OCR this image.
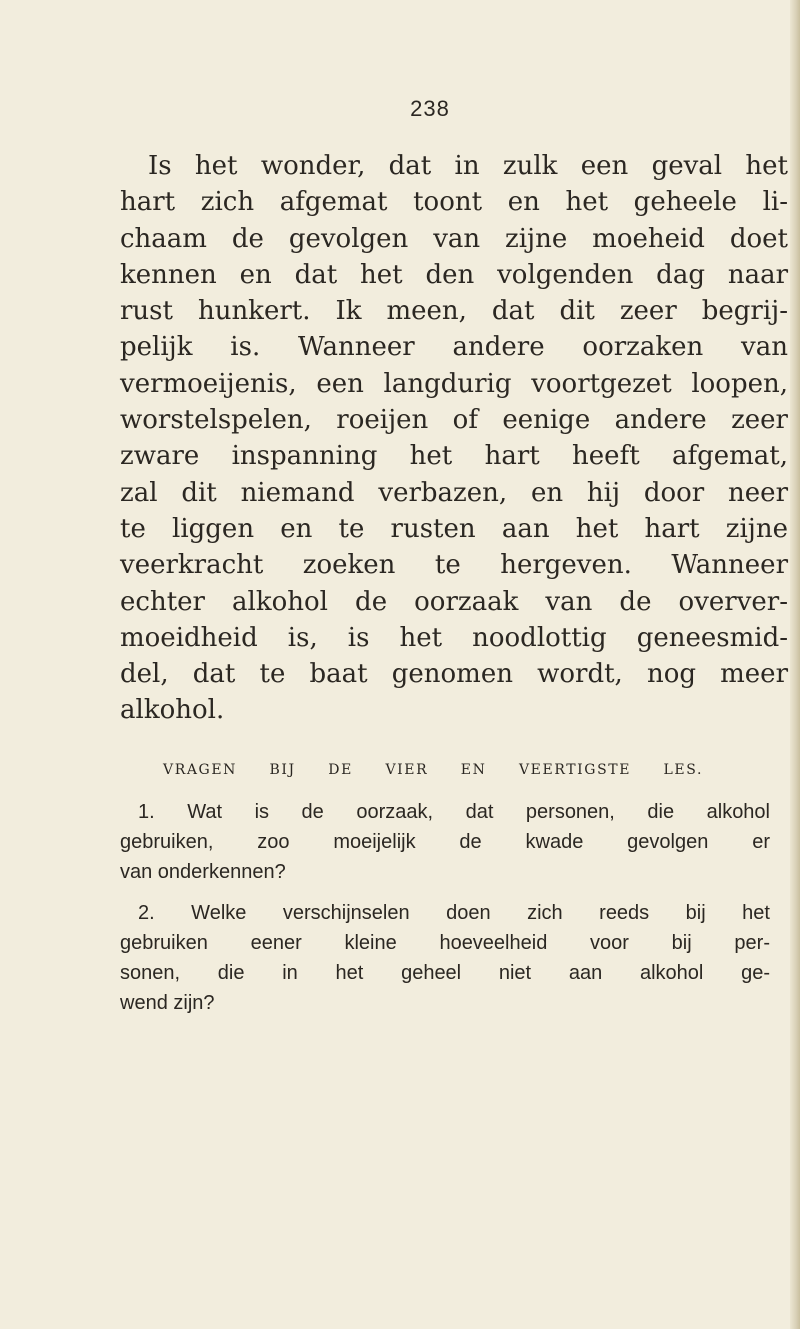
238
Is het wonder, dat in zulk een geval het
hart zich afgemat toont en het geheele li-
chaam de gevolgen van zijne moeheid doet
kennen en dat het den volgenden dag naar
rust hunkert. Ik meen, dat dit zeer begrij-
pelijk is. Wanneer andere oorzaken van
vermoeijenis, een langdurig voortgezet loopen,
worstelspelen, roeijen of eenige andere zeer
zware inspanning het hart heeft afgemat,
zal dit niemand verbazen, en hij door neer
te liggen en te rusten aan het hart zijne
veerkracht zoeken te hergeven. Wanneer
echter alkohol de oorzaak van de overver-
moeidheid is, is het noodlottig geneesmid-
del, dat te baat genomen wordt, nog meer
alkohol.
VRAGEN BIJ DE VIER EN VEERTIGSTE LES.
1. Wat is de oorzaak, dat personen, die alkohol
gebruiken, zoo moeijelijk de kwade gevolgen er
van onderkennen?
2. Welke verschijnselen doen zich reeds bij het
gebruiken eener kleine hoeveelheid voor bij per-
sonen, die in het geheel niet aan alkohol ge-
wend zijn?
